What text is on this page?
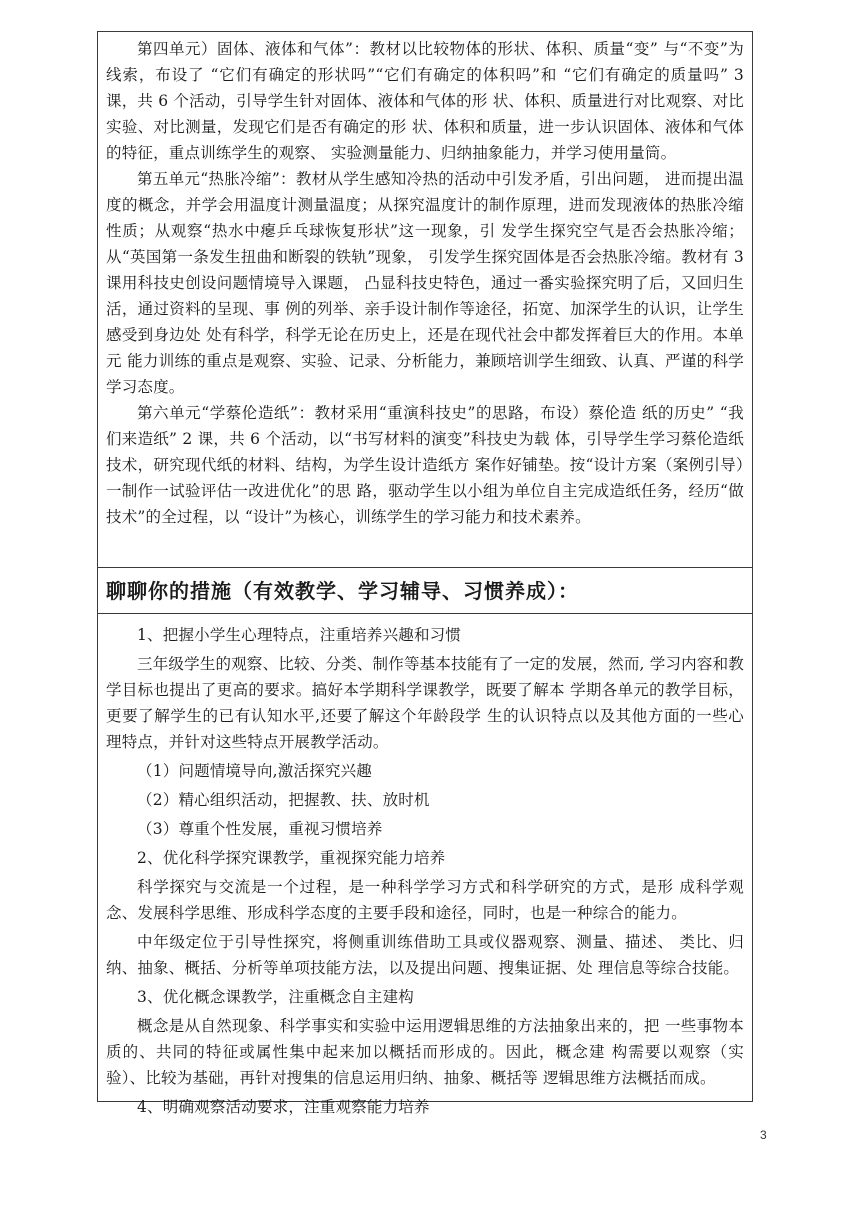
第四单元）固体、液体和气体”：教材以比较物体的形状、体积、质量“变” 与“不变”为线索，布设了 “它们有确定的形状吗”“它们有确定的体积吗”和 “它们有确定的质量吗” 3 课，共 6 个活动，引导学生针对固体、液体和气体的形 状、体积、质量进行对比观察、对比实验、对比测量，发现它们是否有确定的形 状、体积和质量，进一步认识固体、液体和气体的特征，重点训练学生的观察、 实验测量能力、归纳抽象能力，并学习使用量筒。

第五单元“热胀冷缩”：教材从学生感知冷热的活动中引发矛盾，引出问题， 进而提出温度的概念，并学会用温度计测量温度；从探究温度计的制作原理，进而发现液体的热胀冷缩性质；从观察“热水中瘪乒乓球恢复形状”这一现象，引 发学生探究空气是否会热胀冷缩；从“英国第一条发生扭曲和断裂的铁轨”现象， 引发学生探究固体是否会热胀冷缩。教材有 3 课用科技史创设问题情境导入课题， 凸显科技史特色，通过一番实验探究明了后，又回归生活，通过资料的呈现、事 例的列举、亲手设计制作等途径，拓宽、加深学生的认识，让学生感受到身边处 处有科学，科学无论在历史上，还是在现代社会中都发挥着巨大的作用。本单元 能力训练的重点是观察、实验、记录、分析能力，兼顾培训学生细致、认真、严谨的科学学习态度。

第六单元“学蔡伦造纸”：教材采用“重演科技史”的思路，布设）蔡伦造 纸的历史” “我们来造纸” 2 课，共 6 个活动，以“书写材料的演变”科技史为载 体，引导学生学习蔡伦造纸技术，研究现代纸的材料、结构，为学生设计造纸方 案作好铺垫。按“设计方案（案例引导）一制作一试验评估一改进优化”的思 路，驱动学生以小组为单位自主完成造纸任务，经历“做技术”的全过程，以 “设计”为核心，训练学生的学习能力和技术素养。

聊聊你的措施（有效教学、学习辅导、习惯养成）：

1、把握小学生心理特点，注重培养兴趣和习惯

三年级学生的观察、比较、分类、制作等基本技能有了一定的发展，然而, 学习内容和教学目标也提出了更高的要求。搞好本学期科学课教学，既要了解本 学期各单元的教学目标，更要了解学生的已有认知水平,还要了解这个年龄段学 生的认识特点以及其他方面的一些心理特点，并针对这些特点开展教学活动。

（1）问题情境导向,激活探究兴趣

（2）精心组织活动，把握教、扶、放时机

（3）尊重个性发展，重视习惯培养

2、优化科学探究课教学，重视探究能力培养

科学探究与交流是一个过程，是一种科学学习方式和科学研究的方式，是形 成科学观念、发展科学思维、形成科学态度的主要手段和途径，同时，也是一种综合的能力。

中年级定位于引导性探究，将侧重训练借助工具或仪器观察、测量、描述、 类比、归纳、抽象、概括、分析等单项技能方法，以及提出问题、搜集证据、处 理信息等综合技能。

3、优化概念课教学，注重概念自主建构

概念是从自然现象、科学事实和实验中运用逻辑思维的方法抽象出来的，把 一些事物本质的、共同的特征或属性集中起来加以概括而形成的。因此，概念建 构需要以观察（实验）、比较为基础，再针对搜集的信息运用归纳、抽象、概括等 逻辑思维方法概括而成。

4、明确观察活动要求，注重观察能力培养

3
